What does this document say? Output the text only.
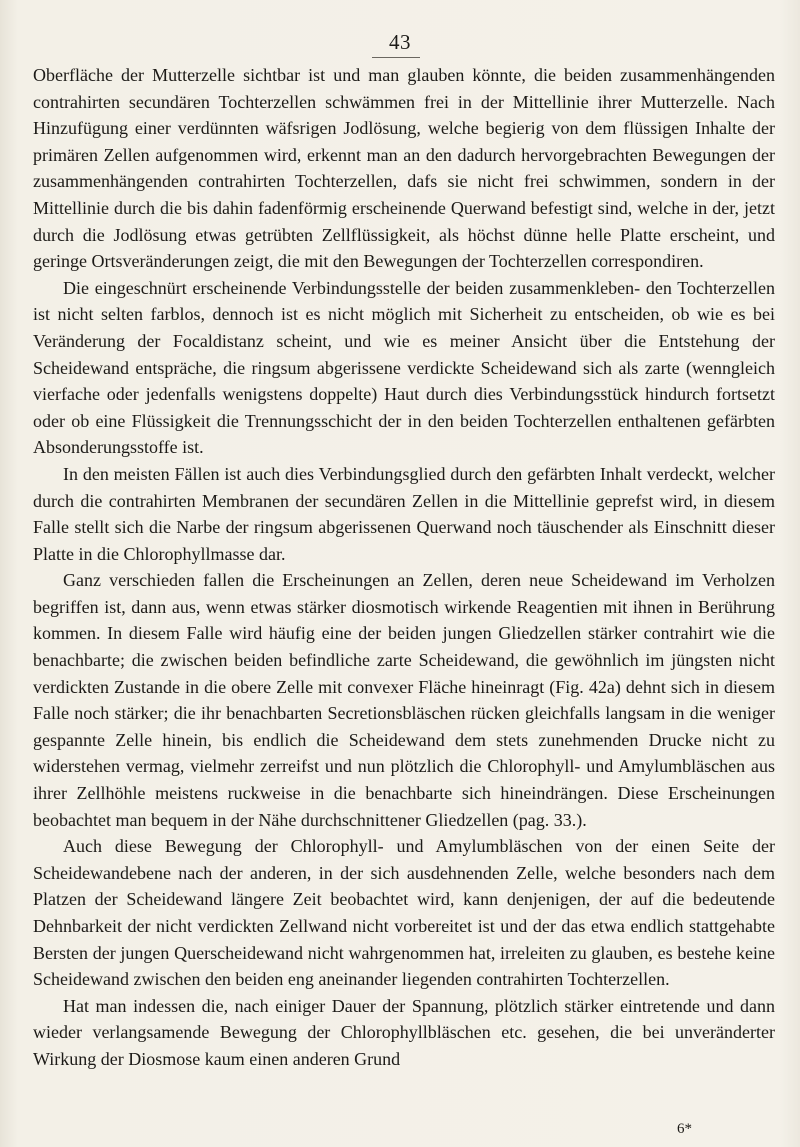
43

Oberfläche der Mutterzelle sichtbar ist und man glauben könnte, die beiden zusammenhängenden contrahirten secundären Tochterzellen schwämmen frei in der Mittellinie ihrer Mutterzelle. Nach Hinzufügung einer verdünnten wäfsrigen Jodlösung, welche begierig von dem flüssigen Inhalte der primären Zellen aufgenommen wird, erkennt man an den dadurch hervorgebrachten Bewegungen der zusammenhängenden contrahirten Tochterzellen, dafs sie nicht frei schwimmen, sondern in der Mittellinie durch die bis dahin fadenförmig erscheinende Querwand befestigt sind, welche in der, jetzt durch die Jodlösung etwas getrübten Zellflüssigkeit, als höchst dünne helle Platte erscheint, und geringe Ortsveränderungen zeigt, die mit den Bewegungen der Tochterzellen correspondiren.

Die eingeschnürt erscheinende Verbindungsstelle der beiden zusammenkleben- den Tochterzellen ist nicht selten farblos, dennoch ist es nicht möglich mit Sicherheit zu entscheiden, ob wie es bei Veränderung der Focaldistanz scheint, und wie es meiner Ansicht über die Entstehung der Scheidewand entspräche, die ringsum abgerissene verdickte Scheidewand sich als zarte (wenngleich vierfache oder jedenfalls wenigstens doppelte) Haut durch dies Verbindungsstück hindurch fortsetzt oder ob eine Flüssigkeit die Trennungsschicht der in den beiden Tochterzellen enthaltenen gefärbten Absonderungsstoffe ist.

In den meisten Fällen ist auch dies Verbindungsglied durch den gefärbten Inhalt verdeckt, welcher durch die contrahirten Membranen der secundären Zellen in die Mittellinie geprefst wird, in diesem Falle stellt sich die Narbe der ringsum abgerissenen Querwand noch täuschender als Einschnitt dieser Platte in die Chlorophyllmasse dar.

Ganz verschieden fallen die Erscheinungen an Zellen, deren neue Scheidewand im Verholzen begriffen ist, dann aus, wenn etwas stärker diosmotisch wirkende Reagentien mit ihnen in Berührung kommen. In diesem Falle wird häufig eine der beiden jungen Gliedzellen stärker contrahirt wie die benachbarte; die zwischen beiden befindliche zarte Scheidewand, die gewöhnlich im jüngsten nicht verdickten Zustande in die obere Zelle mit convexer Fläche hineinragt (Fig. 42a) dehnt sich in diesem Falle noch stärker; die ihr benachbarten Secretionsbläschen rücken gleichfalls langsam in die weniger gespannte Zelle hinein, bis endlich die Scheidewand dem stets zunehmenden Drucke nicht zu widerstehen vermag, vielmehr zerreifst und nun plötzlich die Chlorophyll- und Amylumbläschen aus ihrer Zellhöhle meistens ruckweise in die benachbarte sich hineindrängen. Diese Erscheinungen beobachtet man bequem in der Nähe durchschnittener Gliedzellen (pag. 33.).

Auch diese Bewegung der Chlorophyll- und Amylumbläschen von der einen Seite der Scheidewandebene nach der anderen, in der sich ausdehnenden Zelle, welche besonders nach dem Platzen der Scheidewand längere Zeit beobachtet wird, kann denjenigen, der auf die bedeutende Dehnbarkeit der nicht verdickten Zellwand nicht vorbereitet ist und der das etwa endlich stattgehabte Bersten der jungen Querscheidewand nicht wahrgenommen hat, irreleiten zu glauben, es bestehe keine Scheidewand zwischen den beiden eng aneinander liegenden contrahirten Tochterzellen.

Hat man indessen die, nach einiger Dauer der Spannung, plötzlich stärker eintretende und dann wieder verlangsamende Bewegung der Chlorophyllbläschen etc. gesehen, die bei unveränderter Wirkung der Diosmose kaum einen anderen Grund

6*
